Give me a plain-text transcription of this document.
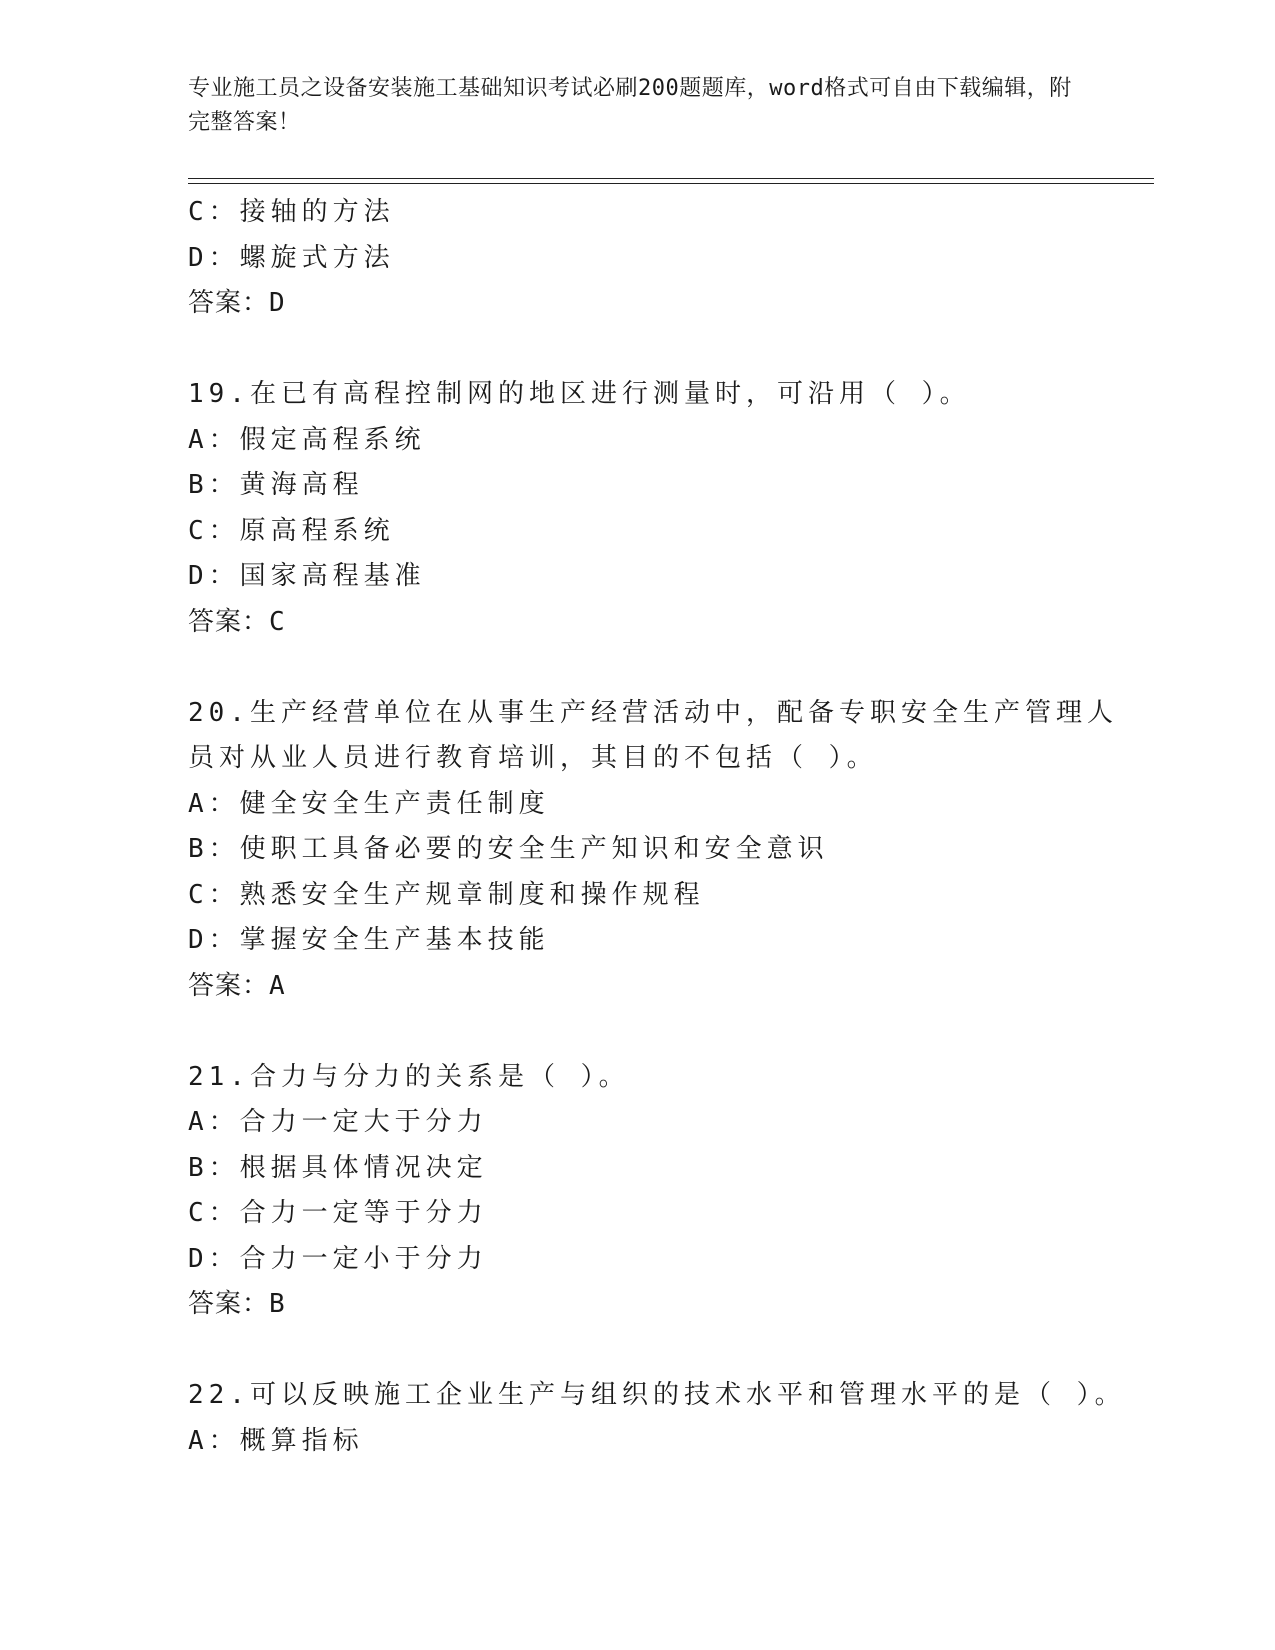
专业施工员之设备安装施工基础知识考试必刷200题题库，word格式可自由下载编辑，附完整答案！
C：接轴的方法
D：螺旋式方法
答案：D
19.在已有高程控制网的地区进行测量时，可沿用（ ）。
A：假定高程系统
B：黄海高程
C：原高程系统
D：国家高程基准
答案：C
20.生产经营单位在从事生产经营活动中，配备专职安全生产管理人员对从业人员进行教育培训，其目的不包括（ ）。
A：健全安全生产责任制度
B：使职工具备必要的安全生产知识和安全意识
C：熟悉安全生产规章制度和操作规程
D：掌握安全生产基本技能
答案：A
21.合力与分力的关系是（ ）。
A：合力一定大于分力
B：根据具体情况决定
C：合力一定等于分力
D：合力一定小于分力
答案：B
22.可以反映施工企业生产与组织的技术水平和管理水平的是（ ）。
A：概算指标
